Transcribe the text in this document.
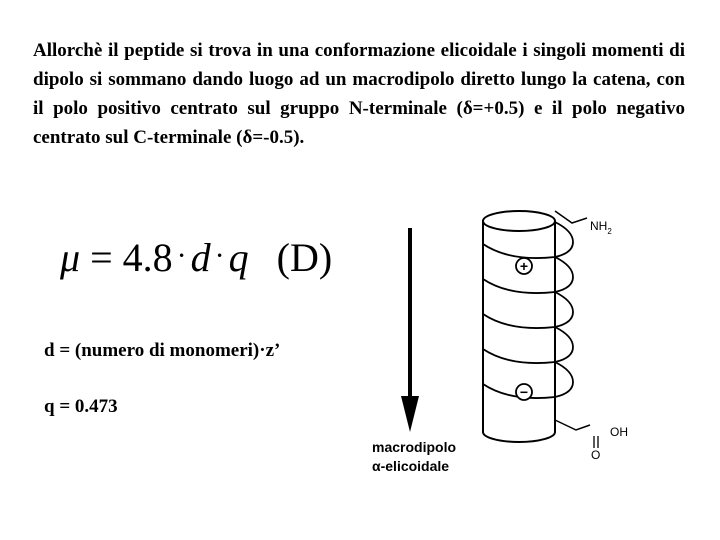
Allorchè il peptide si trova in una conformazione elicoidale i singoli momenti di dipolo si sommano dando luogo ad un macrodipolo diretto lungo la catena, con il polo positivo centrato sul gruppo N-terminale (δ=+0.5) e il polo negativo centrato sul C-terminale (δ=-0.5).
μ = 4.8 · d · q (D)
d = (numero di monomeri)·z’
q = 0.473
$NH_2$
OH
+
−
O
macrodipolo
α-elicoidale
